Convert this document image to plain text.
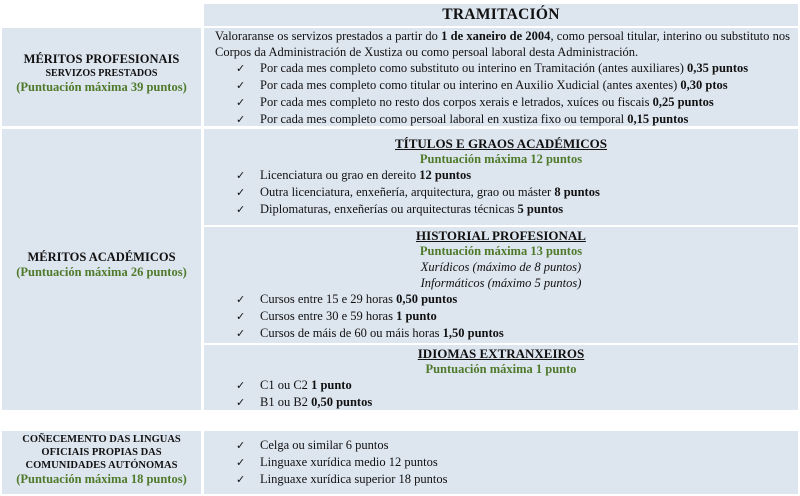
TRAMITACIÓN
MÉRITOS PROFESIONAIS
SERVIZOS PRESTADOS
(Puntuación máxima 39 puntos)
Valoraranse os servizos prestados a partir do 1 de xaneiro de 2004, como persoal titular, interino ou substituto nos Corpos da Administración de Xustiza ou como persoal laboral desta Administración.
✓ Por cada mes completo como substituto ou interino en Tramitación (antes auxiliares) 0,35 puntos
✓ Por cada mes completo como titular ou interino en Auxilio Xudicial (antes axentes) 0,30 ptos
✓ Por cada mes completo no resto dos corpos xerais e letrados, xuíces ou fiscais 0,25 puntos
✓ Por cada mes completo como persoal laboral en xustiza fixo ou temporal 0,15 puntos
MÉRITOS ACADÉMICOS
(Puntuación máxima 26 puntos)
TÍTULOS E GRAOS ACADÉMICOS
Puntuación máxima 12 puntos
✓ Licenciatura ou grao en dereito 12 puntos
✓ Outra licenciatura, enxeñería, arquitectura, grao ou máster 8 puntos
✓ Diplomaturas, enxeñerías ou arquitecturas técnicas 5 puntos
HISTORIAL PROFESIONAL
Puntuación máxima 13 puntos
Xurídicos (máximo de 8 puntos)
Informáticos (máximo 5 puntos)
✓ Cursos entre 15 e 29 horas 0,50 puntos
✓ Cursos entre 30 e 59 horas 1 punto
✓ Cursos de máis de 60 ou máis horas 1,50 puntos
IDIOMAS EXTRANXEIROS
Puntuación máxima 1 punto
✓ C1 ou C2 1 punto
✓ B1 ou B2 0,50 puntos
COÑECEMENTO DAS LINGUAS
OFICIAIS PROPIAS DAS
COMUNIDADES AUTÓNOMAS
(Puntuación máxima 18 puntos)
✓ Celga ou similar 6 puntos
✓ Linguaxe xurídica medio 12 puntos
✓ Linguaxe xurídica superior 18 puntos
